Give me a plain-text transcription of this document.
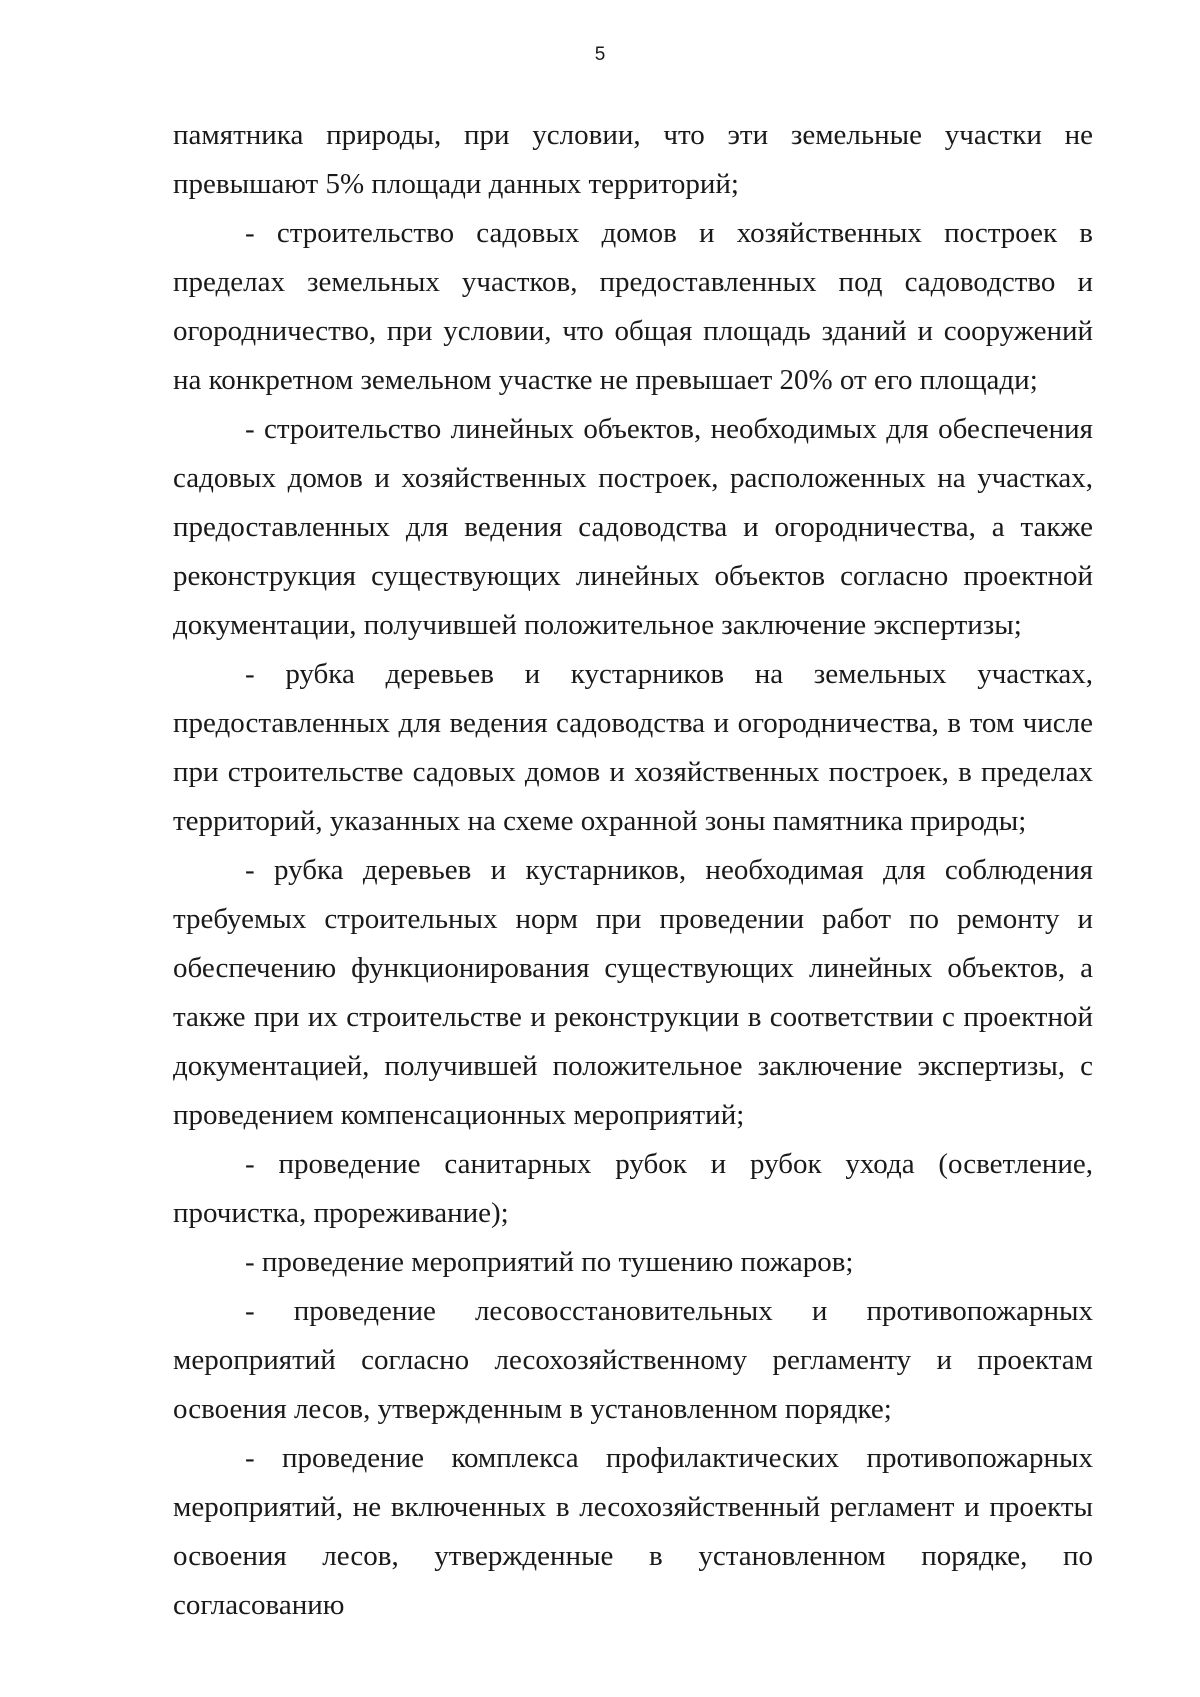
5

памятника природы, при условии, что эти земельные участки не превышают 5% площади данных территорий;

- строительство садовых домов и хозяйственных построек в пределах земельных участков, предоставленных под садоводство и огородничество, при условии, что общая площадь зданий и сооружений на конкретном земельном участке не превышает 20% от его площади;

- строительство линейных объектов, необходимых для обеспечения садовых домов и хозяйственных построек, расположенных на участках, предоставленных для ведения садоводства и огородничества, а также реконструкция существующих линейных объектов согласно проектной документации, получившей положительное заключение экспертизы;

- рубка деревьев и кустарников на земельных участках, предоставленных для ведения садоводства и огородничества, в том числе при строительстве садовых домов и хозяйственных построек, в пределах территорий, указанных на схеме охранной зоны памятника природы;

- рубка деревьев и кустарников, необходимая для соблюдения требуемых строительных норм при проведении работ по ремонту и обеспечению функционирования существующих линейных объектов, а также при их строительстве и реконструкции в соответствии с проектной документацией, получившей положительное заключение экспертизы, с проведением компенсационных мероприятий;

- проведение санитарных рубок и рубок ухода (осветление, прочистка, прореживание);

- проведение мероприятий по тушению пожаров;

- проведение лесовосстановительных и противопожарных мероприятий согласно лесохозяйственному регламенту и проектам освоения лесов, утвержденным в установленном порядке;

- проведение комплекса профилактических противопожарных мероприятий, не включенных в лесохозяйственный регламент и проекты освоения лесов, утвержденные в установленном порядке, по согласованию
